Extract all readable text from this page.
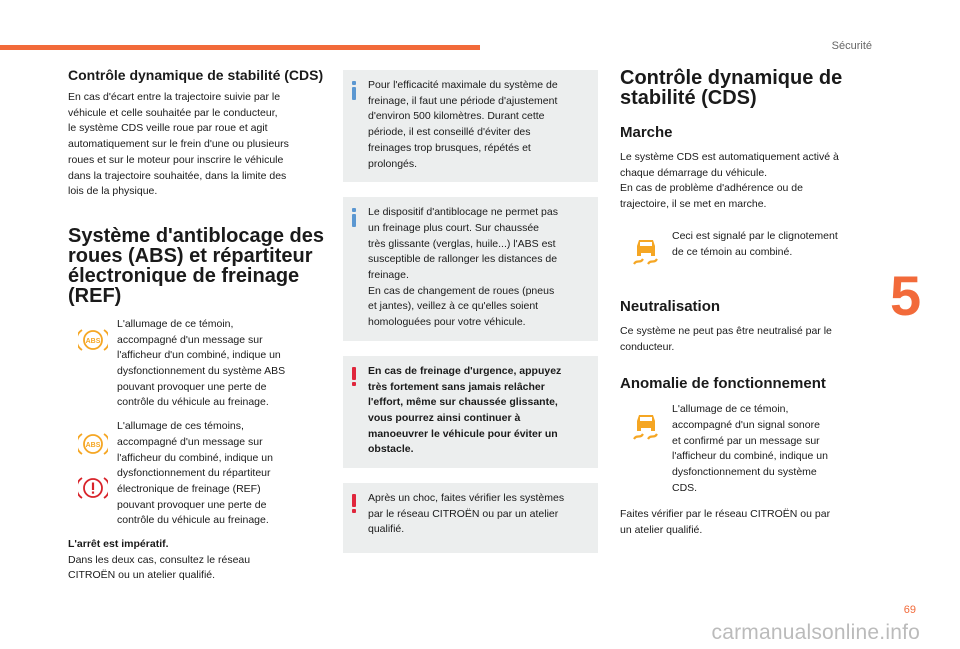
Sécurité
5
69
carmanualsonline.info
Contrôle dynamique de stabilité (CDS)
En cas d'écart entre la trajectoire suivie par le
véhicule et celle souhaitée par le conducteur,
le système CDS veille roue par roue et agit
automatiquement sur le frein d'une ou plusieurs
roues et sur le moteur pour inscrire le véhicule
dans la trajectoire souhaitée, dans la limite des
lois de la physique.
Système d'antiblocage des roues (ABS) et répartiteur électronique de freinage (REF)
ABS
L'allumage de ce témoin,
accompagné d'un message sur
l'afficheur d'un combiné, indique un
dysfonctionnement du système ABS
pouvant provoquer une perte de
contrôle du véhicule au freinage.
ABS
L'allumage de ces témoins,
accompagné d'un message sur
l'afficheur du combiné, indique un
dysfonctionnement du répartiteur
électronique de freinage (REF)
pouvant provoquer une perte de
contrôle du véhicule au freinage.
L'arrêt est impératif.
Dans les deux cas, consultez le réseau
CITROËN ou un atelier qualifié.
Pour l'efficacité maximale du système de
freinage, il faut une période d'ajustement
d'environ 500 kilomètres. Durant cette
période, il est conseillé d'éviter des
freinages trop brusques, répétés et
prolongés.
Le dispositif d'antiblocage ne permet pas
un freinage plus court. Sur chaussée
très glissante (verglas, huile...) l'ABS est
susceptible de rallonger les distances de
freinage.
En cas de changement de roues (pneus
et jantes), veillez à ce qu'elles soient
homologuées pour votre véhicule.
En cas de freinage d'urgence, appuyez
très fortement sans jamais relâcher
l'effort, même sur chaussée glissante,
vous pourrez ainsi continuer à
manoeuvrer le véhicule pour éviter un
obstacle.
Après un choc, faites vérifier les systèmes
par le réseau CITROËN ou par un atelier
qualifié.
Contrôle dynamique de stabilité (CDS)
Marche
Le système CDS est automatiquement activé à
chaque démarrage du véhicule.
En cas de problème d'adhérence ou de
trajectoire, il se met en marche.
Ceci est signalé par le clignotement
de ce témoin au combiné.
Neutralisation
Ce système ne peut pas être neutralisé par le
conducteur.
Anomalie de fonctionnement
L'allumage de ce témoin,
accompagné d'un signal sonore
et confirmé par un message sur
l'afficheur du combiné, indique un
dysfonctionnement du système
CDS.
Faites vérifier par le réseau CITROËN ou par
un atelier qualifié.
